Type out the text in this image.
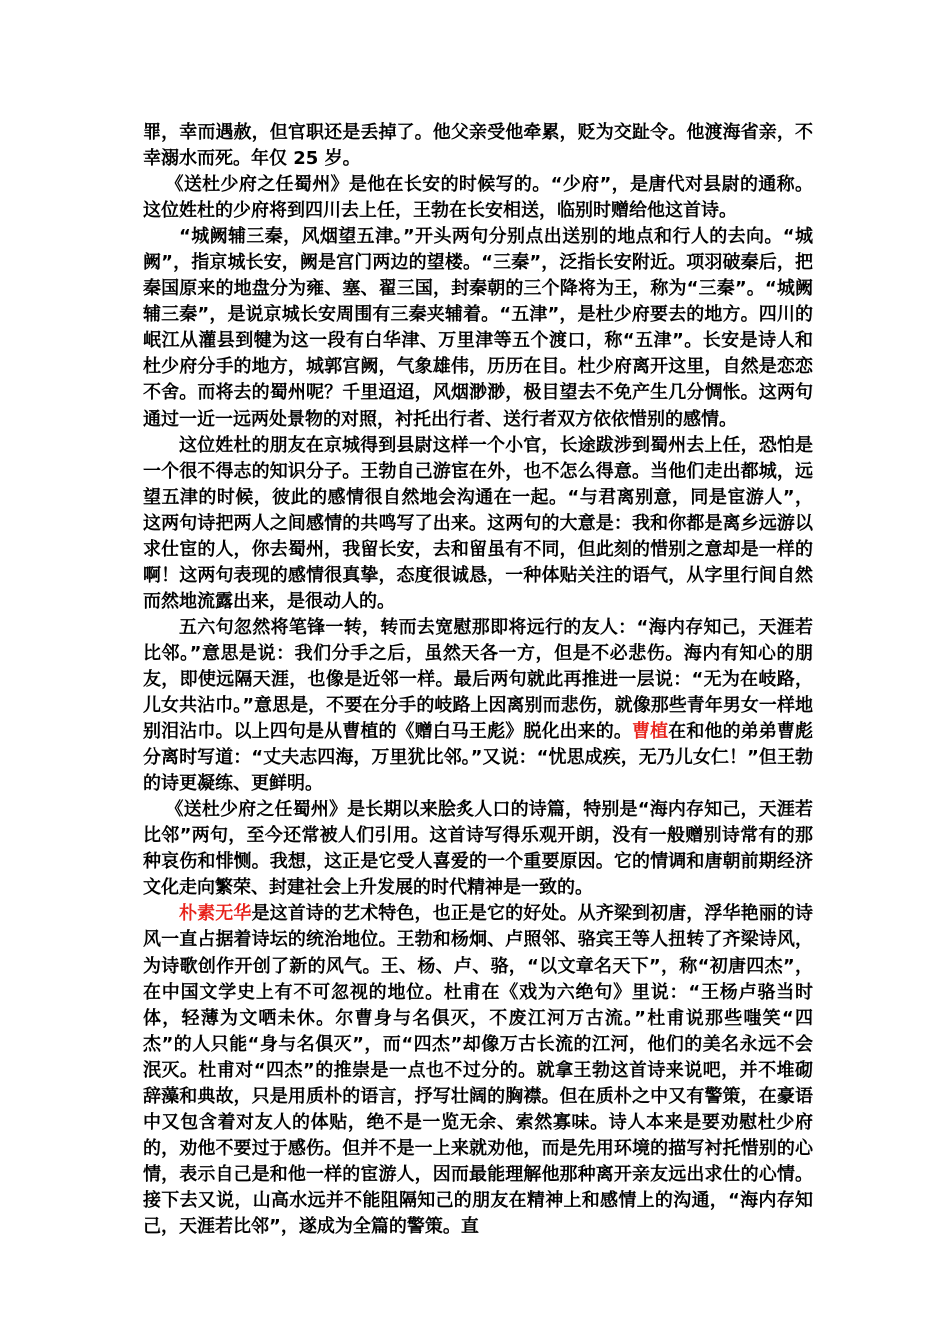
罪，幸而遇赦，但官职还是丢掉了。他父亲受他牵累，贬为交趾令。他渡海省亲，不幸溺水而死。年仅 25 岁。

《送杜少府之任蜀州》是他在长安的时候写的。“少府”，是唐代对县尉的通称。这位姓杜的少府将到四川去上任，王勃在长安相送，临别时赠给他这首诗。

“城阙辅三秦，风烟望五津。”开头两句分别点出送别的地点和行人的去向。“城阙”，指京城长安，阙是宫门两边的望楼。“三秦”，泛指长安附近。项羽破秦后，把秦国原来的地盘分为雍、塞、翟三国，封秦朝的三个降将为王，称为“三秦”。“城阙辅三秦”，是说京城长安周围有三秦夹辅着。“五津”，是杜少府要去的地方。四川的岷江从灌县到犍为这一段有白华津、万里津等五个渡口，称“五津”。长安是诗人和杜少府分手的地方，城郭宫阙，气象雄伟，历历在目。杜少府离开这里，自然是恋恋不舍。而将去的蜀州呢？千里迢迢，风烟渺渺，极目望去不免产生几分惆怅。这两句通过一近一远两处景物的对照，衬托出行者、送行者双方依依惜别的感情。

这位姓杜的朋友在京城得到县尉这样一个小官，长途跋涉到蜀州去上任，恐怕是一个很不得志的知识分子。王勃自己游宦在外，也不怎么得意。当他们走出都城，远望五津的时候，彼此的感情很自然地会沟通在一起。“与君离别意，同是宦游人”，这两句诗把两人之间感情的共鸣写了出来。这两句的大意是：我和你都是离乡远游以求仕宦的人，你去蜀州，我留长安，去和留虽有不同，但此刻的惜别之意却是一样的啊！这两句表现的感情很真挚，态度很诚恳，一种体贴关注的语气，从字里行间自然而然地流露出来，是很动人的。

五六句忽然将笔锋一转，转而去宽慰那即将远行的友人：“海内存知己，天涯若比邻。”意思是说：我们分手之后，虽然天各一方，但是不必悲伤。海内有知心的朋友，即使远隔天涯，也像是近邻一样。最后两句就此再推进一层说：“无为在岐路，儿女共沾巾。”意思是，不要在分手的岐路上因离别而悲伤，就像那些青年男女一样地别泪沾巾。以上四句是从曹植的《赠白马王彪》脱化出来的。曹植在和他的弟弟曹彪分离时写道：“丈夫志四海，万里犹比邻。”又说：“忧思成疾，无乃儿女仁！”但王勃的诗更凝练、更鲜明。

《送杜少府之任蜀州》是长期以来脍炙人口的诗篇，特别是“海内存知己，天涯若比邻”两句，至今还常被人们引用。这首诗写得乐观开朗，没有一般赠别诗常有的那种哀伤和悱恻。我想，这正是它受人喜爱的一个重要原因。它的情调和唐朝前期经济文化走向繁荣、封建社会上升发展的时代精神是一致的。

朴素无华是这首诗的艺术特色，也正是它的好处。从齐梁到初唐，浮华艳丽的诗风一直占据着诗坛的统治地位。王勃和杨炯、卢照邻、骆宾王等人扭转了齐梁诗风，为诗歌创作开创了新的风气。王、杨、卢、骆，“以文章名天下”，称“初唐四杰”，在中国文学史上有不可忽视的地位。杜甫在《戏为六绝句》里说：“王杨卢骆当时体，轻薄为文哂未休。尔曹身与名俱灭，不废江河万古流。”杜甫说那些嗤笑“四杰”的人只能“身与名俱灭”，而“四杰”却像万古长流的江河，他们的美名永远不会泯灭。杜甫对“四杰”的推崇是一点也不过分的。就拿王勃这首诗来说吧，并不堆砌辞藻和典故，只是用质朴的语言，抒写壮阔的胸襟。但在质朴之中又有警策，在豪语中又包含着对友人的体贴，绝不是一览无余、索然寡味。诗人本来是要劝慰杜少府的，劝他不要过于感伤。但并不是一上来就劝他，而是先用环境的描写衬托惜别的心情，表示自己是和他一样的宦游人，因而最能理解他那种离开亲友远出求仕的心情。接下去又说，山高水远并不能阻隔知己的朋友在精神上和感情上的沟通，“海内存知己，天涯若比邻”，遂成为全篇的警策。直
